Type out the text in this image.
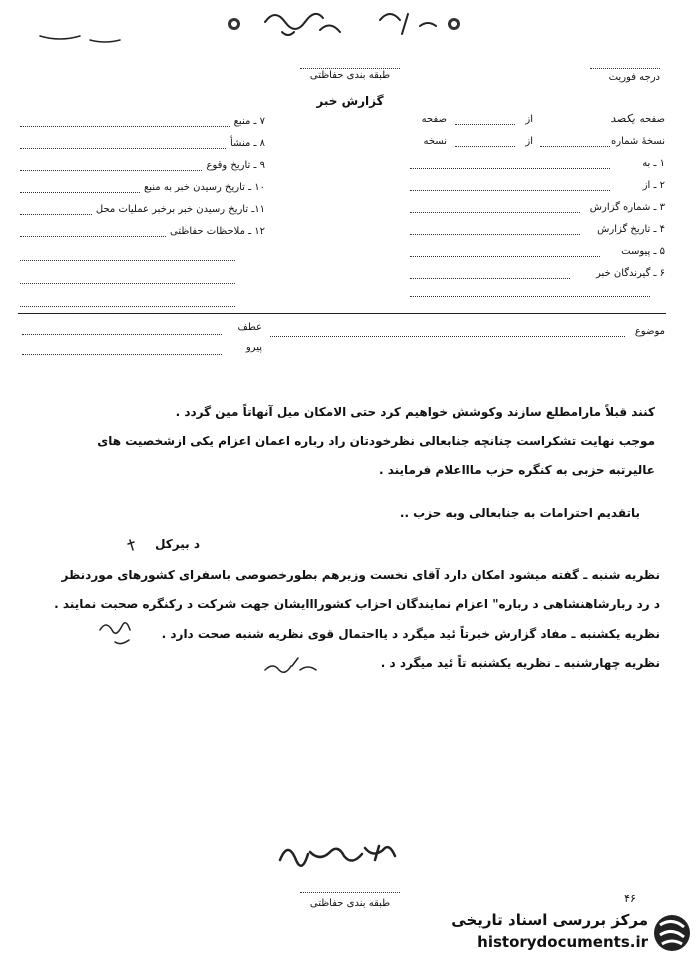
طبقه بندی حفاظتی	درجه فوریت
گزارش خبر
۷ ـ منبع
۸ ـ منشأ
۹ ـ تاریخ وقوع
۱۰ ـ تاریخ رسیدن خبر به منبع
۱۱ـ تاریخ رسیدن خبر برخبر عملیات محل
۱۲ ـ ملاحظات حفاظتی
صفحه
یکصد
از
صفحه
نسخهٔ شماره
از
نسخه
۱ ـ به
۲ ـ از
۳ ـ شماره گزارش
۴ ـ تاریخ گزارش
۵ ـ پیوست
۶ ـ گیرندگان خبر
موضوع
عطف
پیرو
کنند قبلاً مارامطلع سازند وکوشش خواهیم کرد حتی الامکان میل آنهاتاً مین گردد .
موجب نهایت تشکراست چنانچه جنابعالی نظرخودتان راد رباره اعمان اعزام یکی ازشخصیت های
عالیرتبه حزبی به کنگره حزب ماااعلام فرمایند .
باتقدیم احترامات به جنابعالی وبه حزب ..
د بیرکل
نظریه شنبه ـ گفته میشود امکان دارد آقای نخست وزیرهم بطورخصوصی باسفرای کشورهای موردنظر
د رد ربارشاهنشاهی د رباره" اعزام نمایندگان احزاب کشورااایشان جهت شرکت د رکنگره صحبت نمایند .
نظریه یکشنبه ـ مفاد گزارش خبرتاً ئید میگرد د یااحتمال قوی نظریه شنبه صحت دارد .
نظریه چهارشنبه ـ نظریه یکشنبه تاً ئید میگرد د .
طبقه بندی حفاظتی	۴۶
مرکز بررسی اسناد تاریخی
historydocuments.ir
